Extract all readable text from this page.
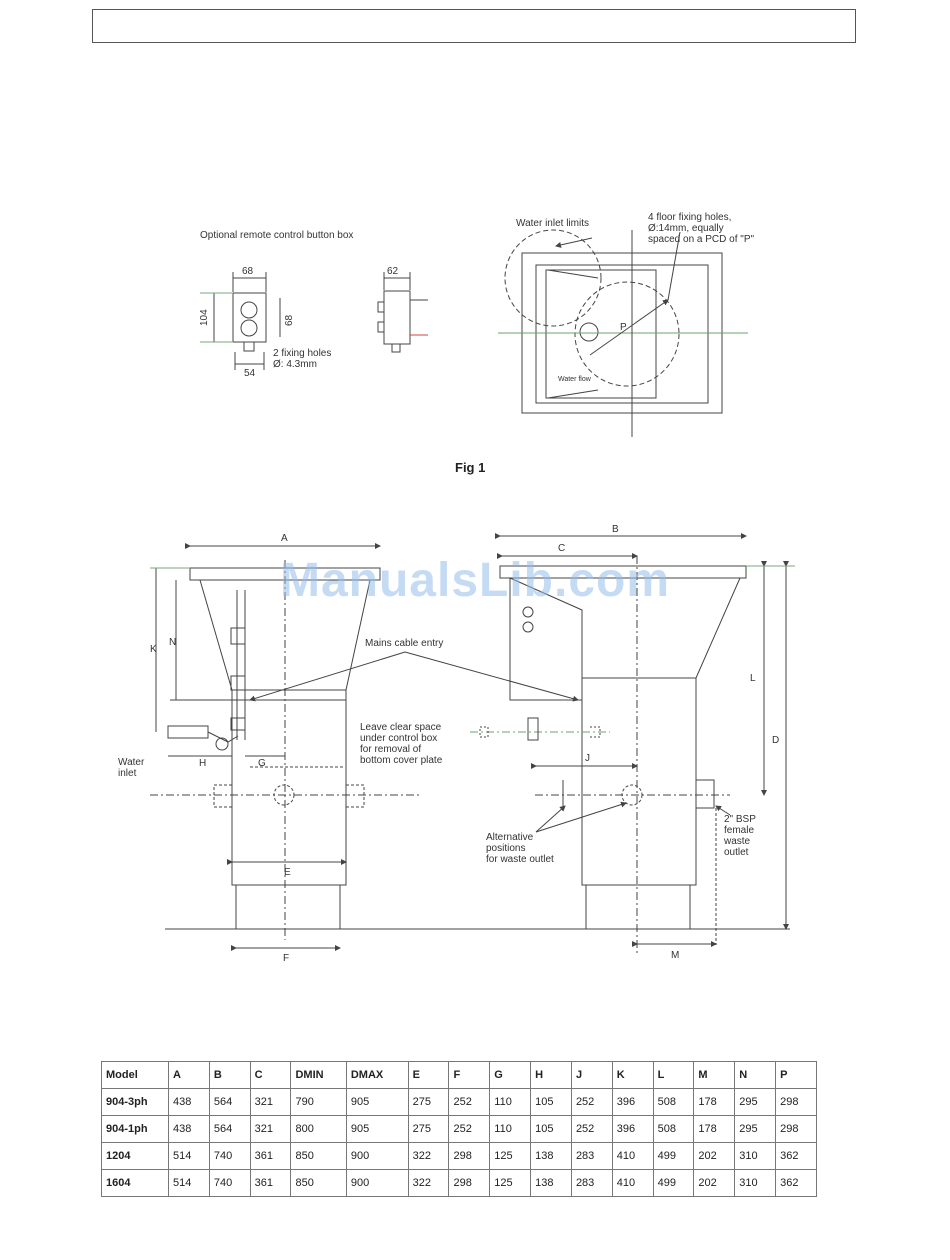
Optional remote control button box
68
104	68
54
2 fixing holes
Ø: 4.3mm
62
Water inlet limits
4 floor fixing holes,
Ø:14mm, equally
spaced on a PCD of "P"
P
Water flow
A
K
N
H	G
E
F
Water
inlet
Leave clear space
under control box
for removal of
bottom cover plate
Mains cable entry
B
C
J
L
D
M
Alternative
positions
for waste outlet
2" BSP
female
waste
outlet
Fig 1
ManualsLib.com
Model	A	B	C	DMIN	DMAX	E	F	G	H	J	K	L	M	N	P
904-3ph	438	564	321	790	905	275	252	110	105	252	396	508	178	295	298
904-1ph	438	564	321	800	905	275	252	110	105	252	396	508	178	295	298
1204	514	740	361	850	900	322	298	125	138	283	410	499	202	310	362
1604	514	740	361	850	900	322	298	125	138	283	410	499	202	310	362
